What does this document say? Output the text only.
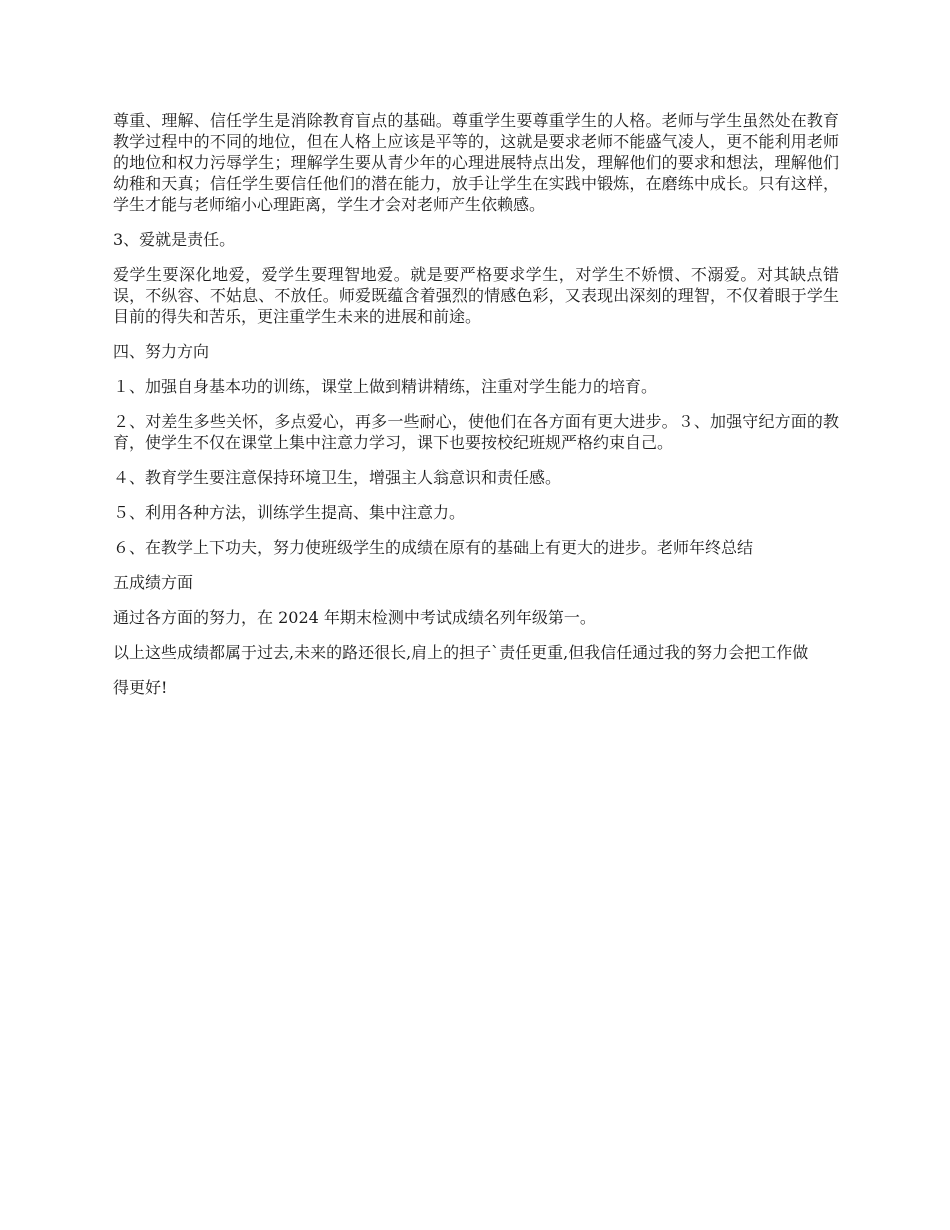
尊重、理解、信任学生是消除教育盲点的基础。尊重学生要尊重学生的人格。老师与学生虽然处在教育教学过程中的不同的地位，但在人格上应该是平等的，这就是要求老师不能盛气凌人，更不能利用老师的地位和权力污辱学生；理解学生要从青少年的心理进展特点出发，理解他们的要求和想法，理解他们幼稚和天真；信任学生要信任他们的潜在能力，放手让学生在实践中锻炼，在磨练中成长。只有这样，学生才能与老师缩小心理距离，学生才会对老师产生依赖感。

3、爱就是责任。

爱学生要深化地爱，爱学生要理智地爱。就是要严格要求学生，对学生不娇惯、不溺爱。对其缺点错误，不纵容、不姑息、不放任。师爱既蕴含着强烈的情感色彩，又表现出深刻的理智，不仅着眼于学生目前的得失和苦乐，更注重学生未来的进展和前途。

四、努力方向

１、加强自身基本功的训练，课堂上做到精讲精练，注重对学生能力的培育。

２、对差生多些关怀，多点爱心，再多一些耐心，使他们在各方面有更大进步。３、加强守纪方面的教育，使学生不仅在课堂上集中注意力学习，课下也要按校纪班规严格约束自己。

４、教育学生要注意保持环境卫生，增强主人翁意识和责任感。

５、利用各种方法，训练学生提高、集中注意力。

６、在教学上下功夫，努力使班级学生的成绩在原有的基础上有更大的进步。老师年终总结

五成绩方面

通过各方面的努力，在 2024 年期末检测中考试成绩名列年级第一。

以上这些成绩都属于过去,未来的路还很长,肩上的担子`责任更重,但我信任通过我的努力会把工作做

得更好!
